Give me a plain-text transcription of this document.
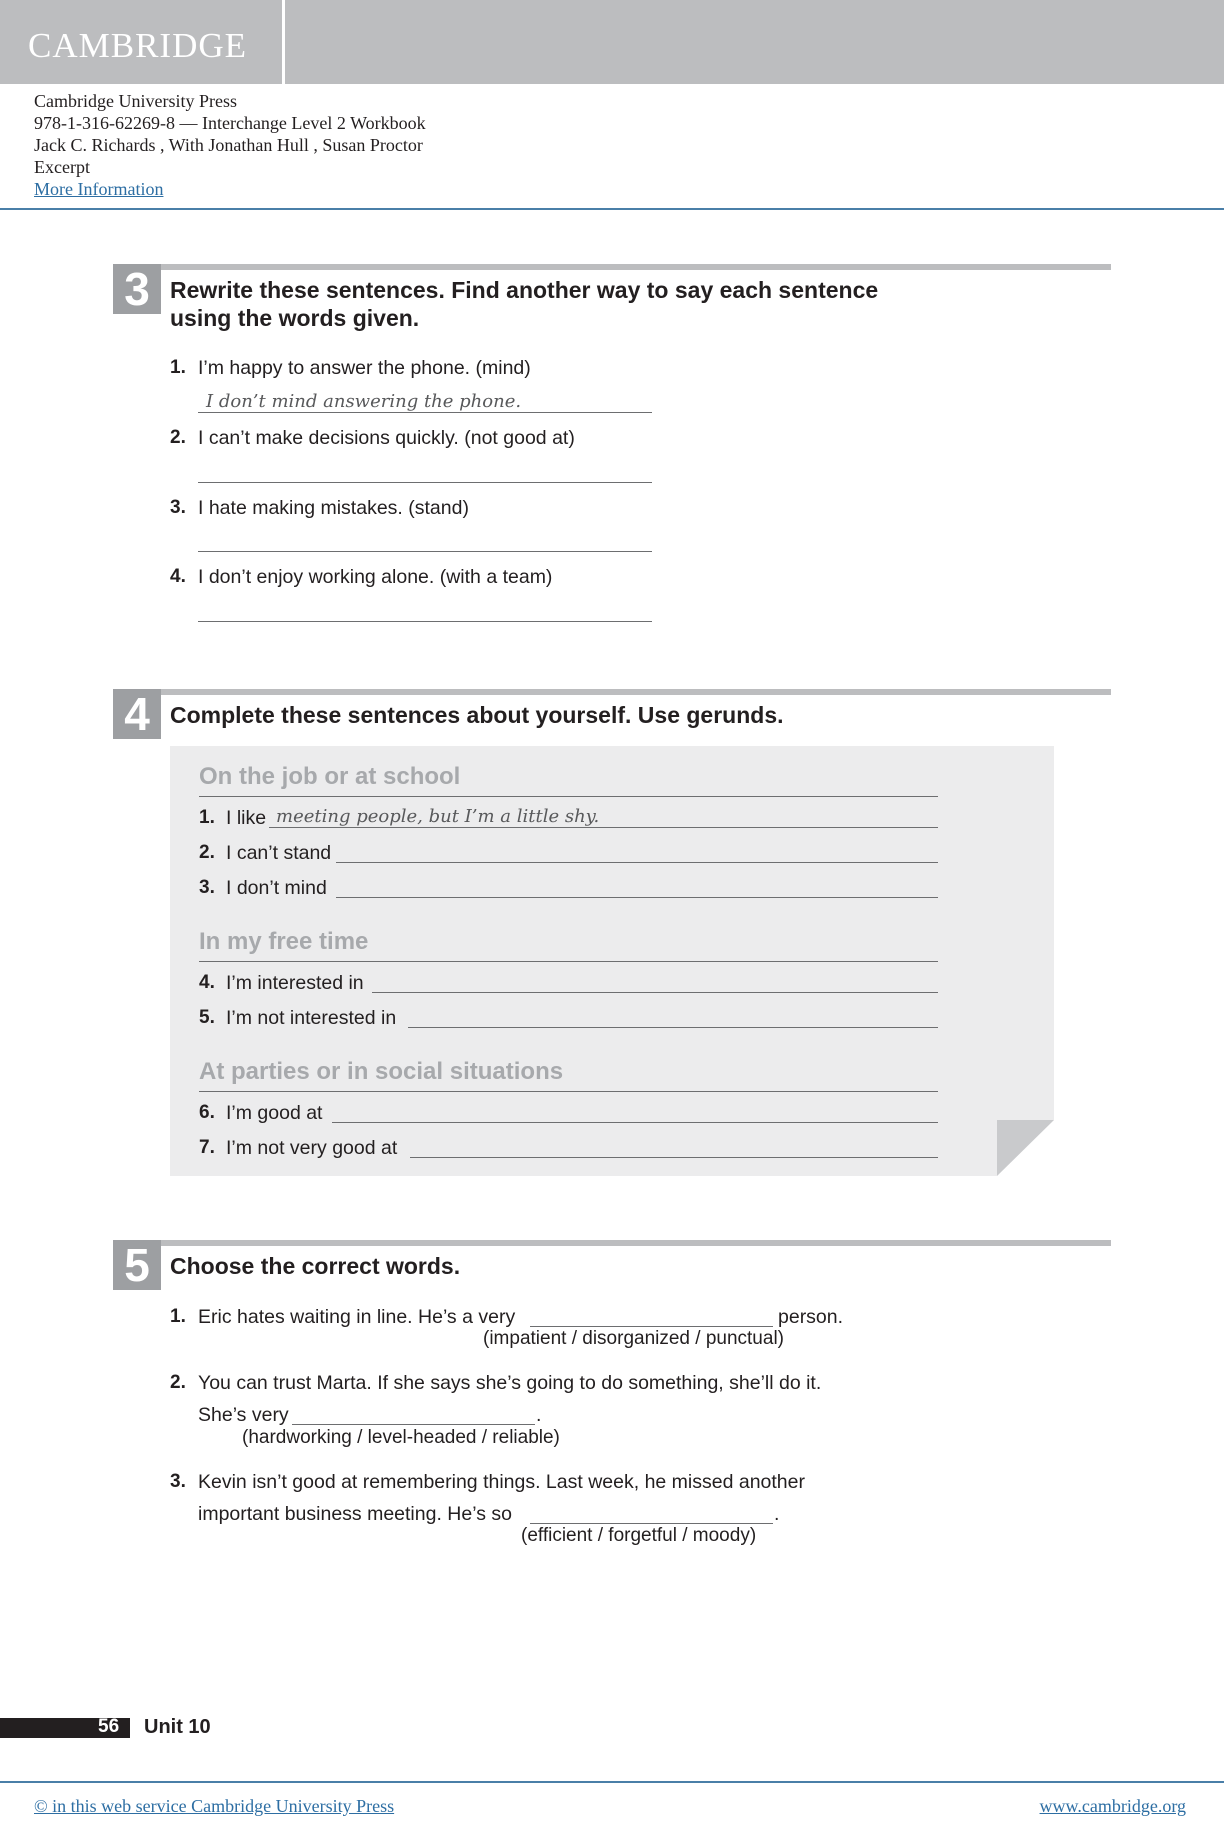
CAMBRIDGE
Cambridge University Press
978-1-316-62269-8 — Interchange Level 2 Workbook
Jack C. Richards , With Jonathan Hull , Susan Proctor
Excerpt
More Information
3 Rewrite these sentences. Find another way to say each sentence
using the words given.
1. I’m happy to answer the phone. (mind)
I don’t mind answering the phone.
2. I can’t make decisions quickly. (not good at)
3. I hate making mistakes. (stand)
4. I don’t enjoy working alone. (with a team)
4 Complete these sentences about yourself. Use gerunds.
On the job or at school
1. I like meeting people, but I’m a little shy.
2. I can’t stand
3. I don’t mind
In my free time
4. I’m interested in
5. I’m not interested in
At parties or in social situations
6. I’m good at
7. I’m not very good at
5 Choose the correct words.
1. Eric hates waiting in line. He’s a very	person.
(impatient / disorganized / punctual)
2. You can trust Marta. If she says she’s going to do something, she’ll do it.
She’s very	.
(hardworking / level-headed / reliable)
3. Kevin isn’t good at remembering things. Last week, he missed another
important business meeting. He’s so	.
(efficient / forgetful / moody)
56 Unit 10
© in this web service Cambridge University Press	www.cambridge.org
